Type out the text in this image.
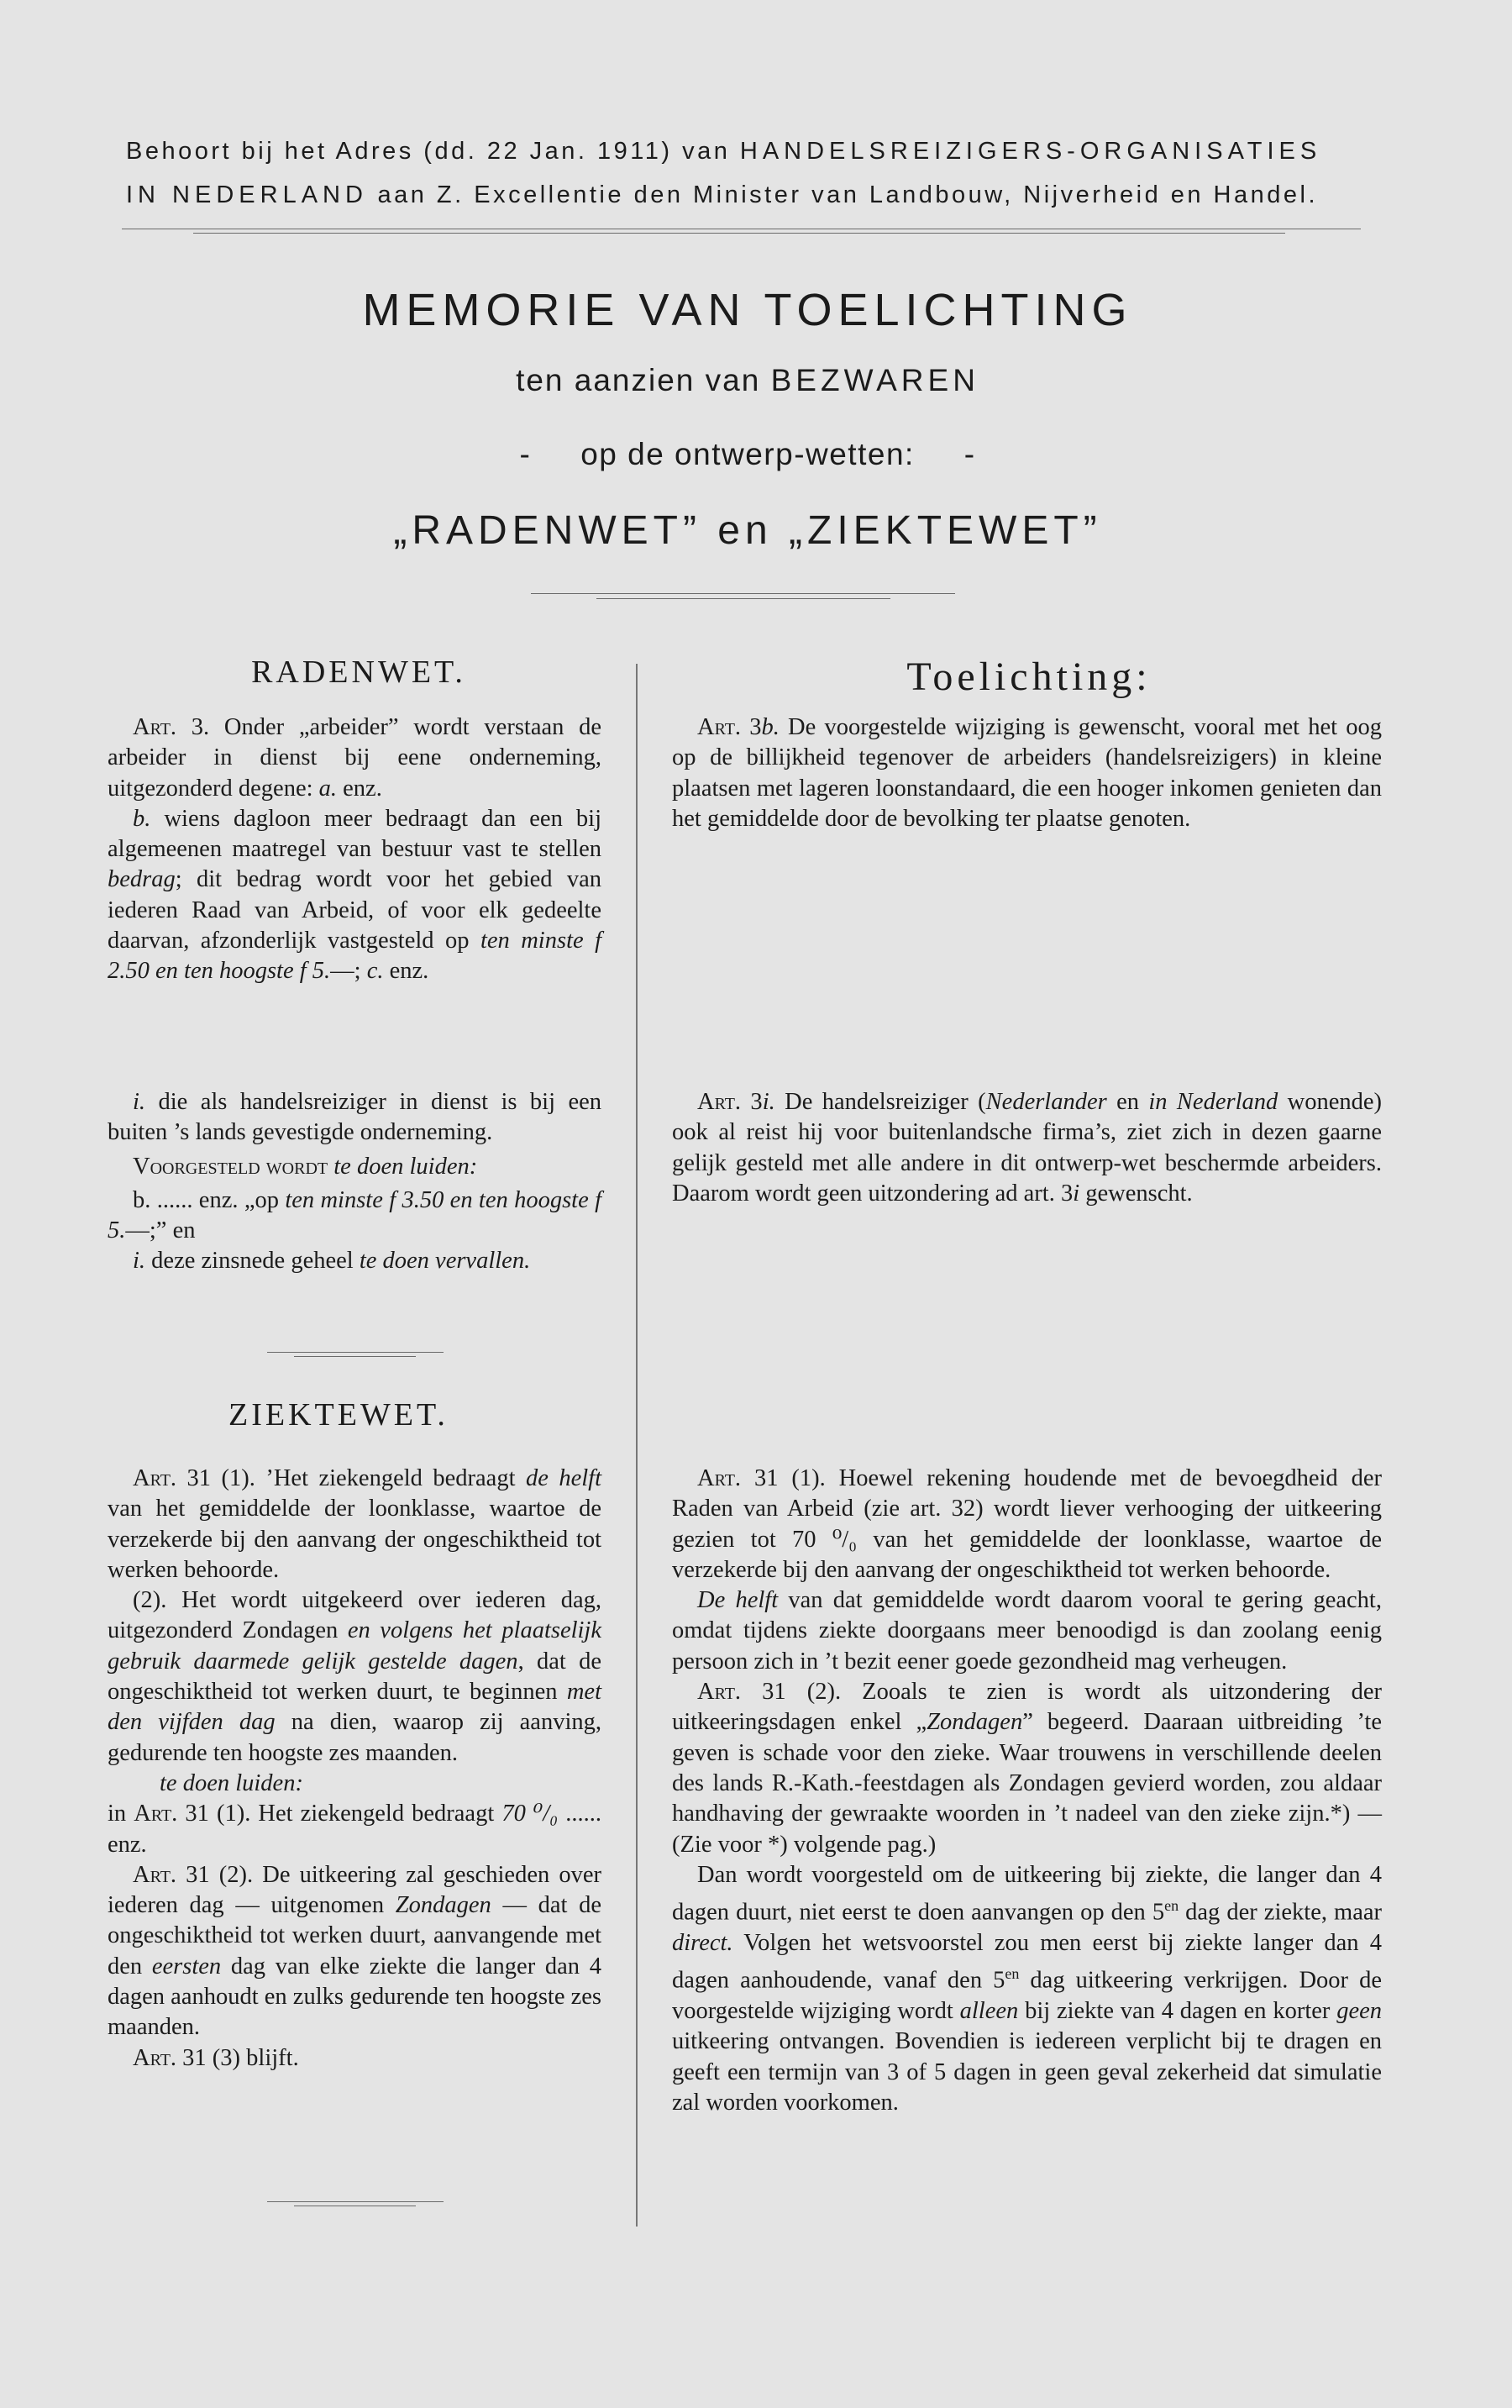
Behoort bij het Adres (dd. 22 Jan. 1911) van HANDELSREIZIGERS-ORGANISATIES
IN NEDERLAND aan Z. Excellentie den Minister van Landbouw, Nijverheid en Handel.
MEMORIE VAN TOELICHTING
ten aanzien van BEZWAREN
-     op de ontwerp-wetten:     -
„RADENWET” en „ZIEKTEWET”
RADENWET.

Art. 3. Onder „arbeider” wordt verstaan de arbeider in dienst bij eene onderneming, uitgezonderd degene: a. enz.

b. wiens dagloon meer bedraagt dan een bij algemeenen maatregel van bestuur vast te stellen bedrag; dit bedrag wordt voor het gebied van iederen Raad van Arbeid, of voor elk gedeelte daarvan, afzonderlijk vastgesteld op ten minste f 2.50 en ten hoogste f 5.—; c. enz.

i. die als handelsreiziger in dienst is bij een buiten ’s lands gevestigde onderneming.

Voorgesteld wordt te doen luiden:

b. ...... enz. „op ten minste f 3.50 en ten hoogste f 5.—;” en

i. deze zinsnede geheel te doen vervallen.

ZIEKTEWET.

Art. 31 (1). ’Het ziekengeld bedraagt de helft van het gemiddelde der loonklasse, waartoe de verzekerde bij den aanvang der ongeschiktheid tot werken behoorde.

(2). Het wordt uitgekeerd over iederen dag, uitgezonderd Zondagen en volgens het plaatselijk gebruik daarmede gelijk gestelde dagen, dat de ongeschiktheid tot werken duurt, te beginnen met den vijfden dag na dien, waarop zij aanving, gedurende ten hoogste zes maanden.

te doen luiden:

in Art. 31 (1). Het ziekengeld bedraagt 70 ⁰/₀ ...... enz.

Art. 31 (2). De uitkeering zal geschieden over iederen dag — uitgenomen Zondagen — dat de ongeschiktheid tot werken duurt, aanvangende met den eersten dag van elke ziekte die langer dan 4 dagen aanhoudt en zulks gedurende ten hoogste zes maanden.

Art. 31 (3) blijft.

Toelichting:

Art. 3b. De voorgestelde wijziging is gewenscht, vooral met het oog op de billijkheid tegenover de arbeiders (handelsreizigers) in kleine plaatsen met lageren loonstandaard, die een hooger inkomen genieten dan het gemiddelde door de bevolking ter plaatse genoten.

Art. 3i. De handelsreiziger (Nederlander en in Nederland wonende) ook al reist hij voor buitenlandsche firma’s, ziet zich in dezen gaarne gelijk gesteld met alle andere in dit ontwerp-wet beschermde arbeiders. Daarom wordt geen uitzondering ad art. 3i gewenscht.

Art. 31 (1). Hoewel rekening houdende met de bevoegdheid der Raden van Arbeid (zie art. 32) wordt liever verhooging der uitkeering gezien tot 70 ⁰/₀ van het gemiddelde der loonklasse, waartoe de verzekerde bij den aanvang der ongeschiktheid tot werken behoorde.

De helft van dat gemiddelde wordt daarom vooral te gering geacht, omdat tijdens ziekte doorgaans meer benoodigd is dan zoolang eenig persoon zich in ’t bezit eener goede gezondheid mag verheugen.

Art. 31 (2). Zooals te zien is wordt als uitzondering der uitkeeringsdagen enkel „Zondagen” begeerd. Daaraan uitbreiding ’te geven is schade voor den zieke. Waar trouwens in verschillende deelen des lands R.-Kath.-feestdagen als Zondagen gevierd worden, zou aldaar handhaving der gewraakte woorden in ’t nadeel van den zieke zijn.*) — (Zie voor *) volgende pag.)

Dan wordt voorgesteld om de uitkeering bij ziekte, die langer dan 4 dagen duurt, niet eerst te doen aanvangen op den $5^{en}$ dag der ziekte, maar direct. Volgen het wetsvoorstel zou men eerst bij ziekte langer dan 4 dagen aanhoudende, vanaf den $5^{en}$ dag uitkeering verkrijgen. Door de voorgestelde wijziging wordt alleen bij ziekte van 4 dagen en korter geen uitkeering ontvangen. Bovendien is iedereen verplicht bij te dragen en geeft een termijn van 3 of 5 dagen in geen geval zekerheid dat simulatie zal worden voorkomen.
